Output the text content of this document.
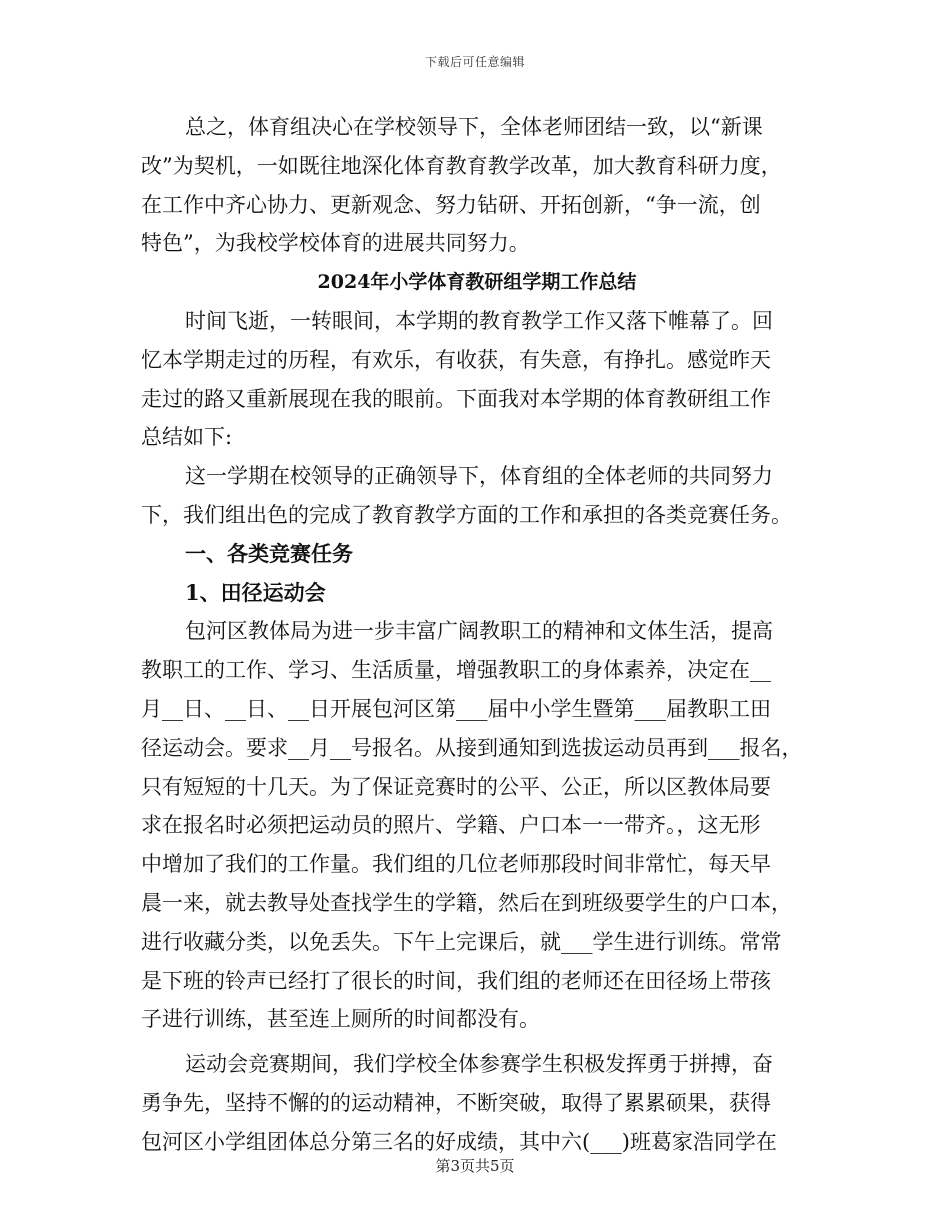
下载后可任意编辑
总之，体育组决心在学校领导下，全体老师团结一致，以“新课
改”为契机，一如既往地深化体育教育教学改革，加大教育科研力度，
在工作中齐心协力、更新观念、努力钻研、开拓创新，“争一流，创
特色”，为我校学校体育的进展共同努力。
2024年小学体育教研组学期工作总结
时间飞逝，一转眼间，本学期的教育教学工作又落下帷幕了。回
忆本学期走过的历程，有欢乐，有收获，有失意，有挣扎。感觉昨天
走过的路又重新展现在我的眼前。下面我对本学期的体育教研组工作
总结如下:
这一学期在校领导的正确领导下，体育组的全体老师的共同努力
下，我们组出色的完成了教育教学方面的工作和承担的各类竞赛任务。
一、各类竞赛任务
1、田径运动会
包河区教体局为进一步丰富广阔教职工的精神和文体生活，提高
教职工的工作、学习、生活质量，增强教职工的身体素养，决定在__
月__日、__日、__日开展包河区第___届中小学生暨第___届教职工田
径运动会。要求__月__号报名。从接到通知到选拔运动员再到___报名，
只有短短的十几天。为了保证竞赛时的公平、公正，所以区教体局要
求在报名时必须把运动员的照片、学籍、户口本一一带齐。，这无形
中增加了我们的工作量。我们组的几位老师那段时间非常忙，每天早
晨一来，就去教导处查找学生的学籍，然后在到班级要学生的户口本，
进行收藏分类，以免丢失。下午上完课后，就___学生进行训练。常常
是下班的铃声已经打了很长的时间，我们组的老师还在田径场上带孩
子进行训练，甚至连上厕所的时间都没有。
运动会竞赛期间，我们学校全体参赛学生积极发挥勇于拼搏，奋
勇争先，坚持不懈的的运动精神，不断突破，取得了累累硕果，获得
包河区小学组团体总分第三名的好成绩，其中六(___)班葛家浩同学在
第3页共5页
